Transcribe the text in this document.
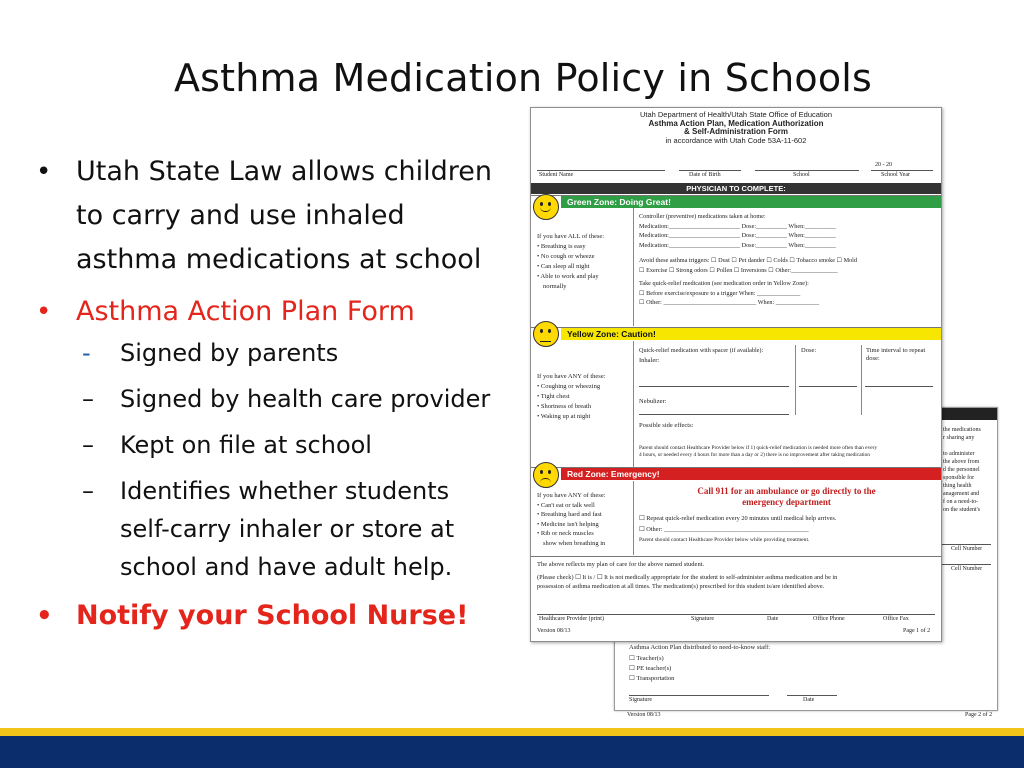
Asthma Medication Policy in Schools
• Utah State Law allows children to carry and use inhaled asthma medications at school
• Asthma Action Plan Form
- Signed by parents
– Signed by health care provider
– Kept on file at school
– Identifies whether students self-carry inhaler or store at school and have adult help.
• Notify your School Nurse!
the medications
r sharing any
to administer
the above from
d the personnel
sponsible for
thing health
anagement and
f on a need-to-
on the student's
Cell Number
Cell Number
Asthma Action Plan distributed to need-to-know staff:
☐ Teacher(s)
☐ PE teacher(s)
☐ Transportation
Signature	Date
Version 08/13	Page 2 of 2
Utah Department of Health/Utah State Office of Education
Asthma Action Plan, Medication Authorization
& Self-Administration Form
in accordance with Utah Code 53A-11-602
20 - 20
Student Name	Date of Birth	School	School Year
PHYSICIAN TO COMPLETE:
Green Zone: Doing Great!
If you have ALL of these:
• Breathing is easy
• No cough or wheeze
• Can sleep all night
• Able to work and play
normally
Controller (preventive) medications taken at home:
Medication:_______________________ Dose:__________ When:__________
Medication:_______________________ Dose:__________ When:__________
Medication:_______________________ Dose:__________ When:__________
Avoid these asthma triggers: ☐ Dust ☐ Pet dander ☐ Colds ☐ Tobacco smoke ☐ Mold
☐ Exercise ☐ Strong odors ☐ Pollen ☐ Inversions ☐ Other:_______________
Take quick-relief medication (see medication order in Yellow Zone):
☐ Before exercise/exposure to a trigger When: ______________
☐ Other: ______________________________ When: ______________
Yellow Zone: Caution!
If you have ANY of these:
• Coughing or wheezing
• Tight chest
• Shortness of breath
• Waking up at night
Quick-relief medication with spacer (if available):
Inhaler:
Nebulizer:
Dose:	Time interval to repeat dose:
Possible side effects:
Parent should contact Healthcare Provider below if 1) quick-relief medication is needed more often than every
4 hours, or needed every 4 hours for more than a day or 2) there is no improvement after taking medication
Red Zone: Emergency!
If you have ANY of these:
• Can't eat or talk well
• Breathing hard and fast
• Medicine isn't helping
• Rib or neck muscles
show when breathing in
Call 911 for an ambulance or go directly to the emergency department
☐ Repeat quick-relief medication every 20 minutes until medical help arrives.
☐ Other: ______________________________________________
Parent should contact Healthcare Provider below while providing treatment.
The above reflects my plan of care for the above named student.
(Please check) ☐ It is / ☐ It is not medically appropriate for the student to self-administer asthma medication and be in
possession of asthma medication at all times. The medication(s) prescribed for this student is/are identified above.
Healthcare Provider (print)	Signature	Date	Office Phone	Office Fax
Version 08/13	Page 1 of 2
